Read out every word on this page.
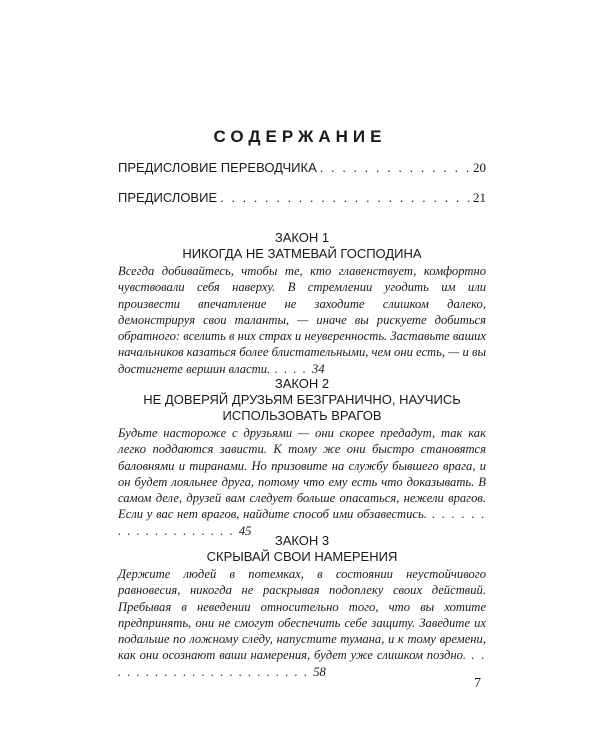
СОДЕРЖАНИЕ
ПРЕДИСЛОВИЕ ПЕРЕВОДЧИКА . . .	20
ПРЕДИСЛОВИЕ . . .	21
ЗАКОН 1
НИКОГДА НЕ ЗАТМЕВАЙ ГОСПОДИНА
Всегда добивайтесь, чтобы те, кто главенствует, комфортно чувствовали себя наверху. В стремлении угодить им или произвести впечатление не заходите слишком далеко, демонстрируя свои таланты, — иначе вы рискуете добиться обратного: вселить в них страх и неуверенность. Заставьте ваших начальников казаться более блистательными, чем они есть, — и вы достигнете вершин власти. . . . . 34
ЗАКОН 2
НЕ ДОВЕРЯЙ ДРУЗЬЯМ БЕЗГРАНИЧНО, НАУЧИСЬ ИСПОЛЬЗОВАТЬ ВРАГОВ
Будьте настороже с друзьями — они скорее предадут, так как легко поддаются зависти. К тому же они быстро становятся баловнями и тиранами. Но призовите на службу бывшего врага, и он будет лояльнее друга, потому что ему есть что доказывать. В самом деле, друзей вам следует больше опасаться, нежели врагов. Если у вас нет врагов, найдите способ ими обзавестись. . . . . . . . . . . . . . . . . . . . 45
ЗАКОН 3
СКРЫВАЙ СВОИ НАМЕРЕНИЯ
Держите людей в потемках, в состоянии неустойчивого равновесия, никогда не раскрывая подоплеку своих действий. Пребывая в неведении относительно того, что вы хотите предпринять, они не смогут обеспечить себе защиту. Заведите их подальше по ложному следу, напустите тумана, и к тому времени, как они осознают ваши намерения, будет уже слишком поздно. . . . . . . . . . . . . . . . . . . . . . . . 58
7
